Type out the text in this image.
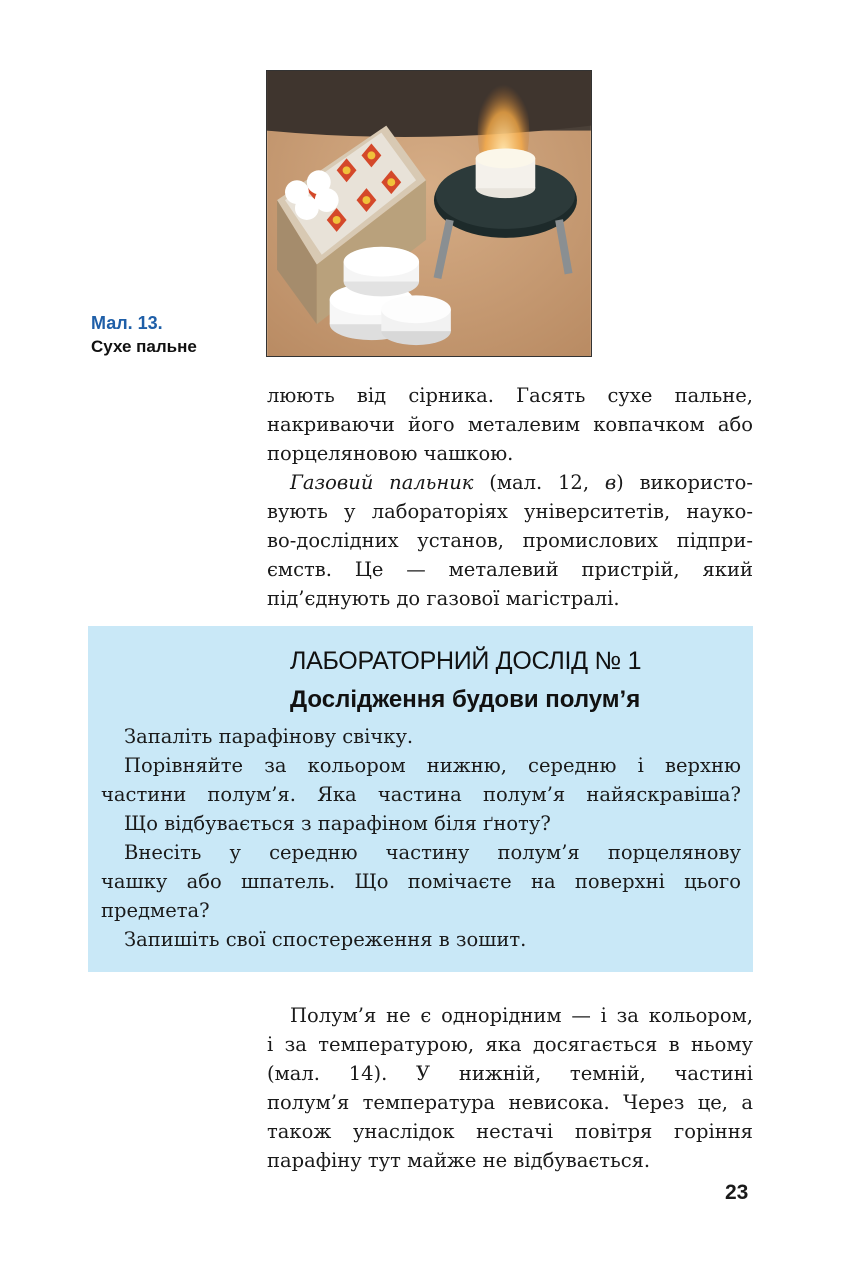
Мал. 13.
Сухе пальне
люють від сірника. Гасять сухе пальне,
накриваючи його металевим ковпачком або
порцеляновою чашкою.
Газовий пальник (мал. 12, в) використо-
вують у лабораторіях університетів, науко-
во-дослідних установ, промислових підпри-
ємств. Це — металевий пристрій, який
під’єднують до газової магістралі.
ЛАБОРАТОРНИЙ ДОСЛІД № 1
Дослідження будови полум’я
Запаліть парафінову свічку.
Порівняйте за кольором нижню, середню і верхню
частини полум’я. Яка частина полум’я найяскравіша?
Що відбувається з парафіном біля ґноту?
Внесіть у середню частину полум’я порцелянову
чашку або шпатель. Що помічаєте на поверхні цього
предмета?
Запишіть свої спостереження в зошит.
Полум’я не є однорідним — і за кольором,
і за температурою, яка досягається в ньому
(мал. 14). У нижній, темній, частині
полум’я температура невисока. Через це, а
також унаслідок нестачі повітря горіння
парафіну тут майже не відбувається.
23
